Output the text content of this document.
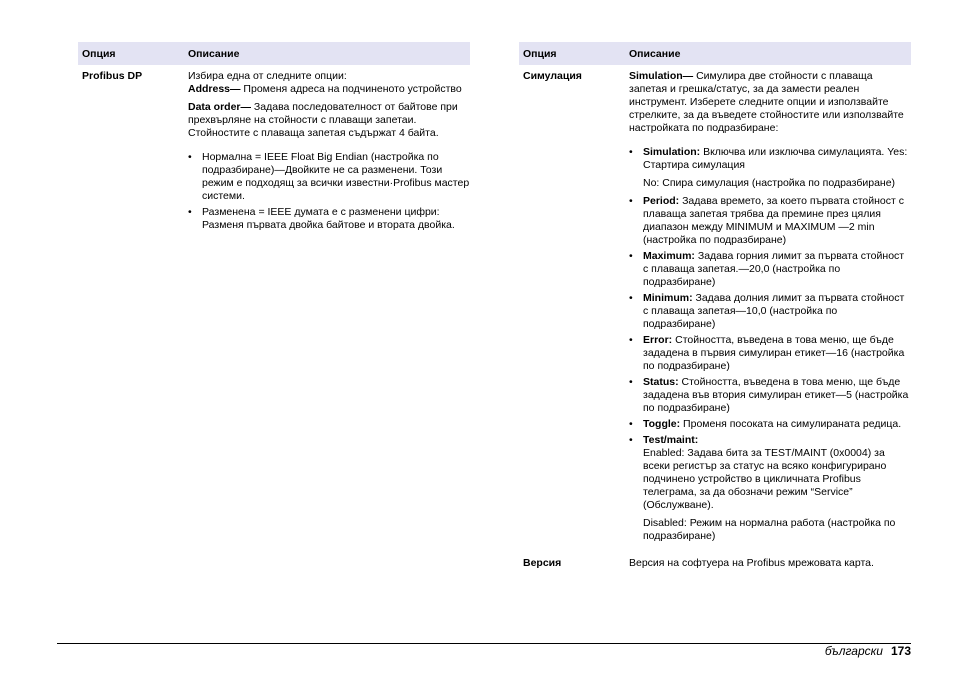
Опция	Описание
Profibus DP	Избира една от следните опции:
Address— Променя адреса на подчиненото устройство

Data order— Задава последователност от байтове при прехвърляне на стойности с плаващи запетаи. Стойностите с плаваща запетая съдържат 4 байта.

• Нормална = IEEE Float Big Endian (настройка по подразбиране)—Двойките не са разменени. Този режим е подходящ за всички известни·Profibus мастер системи.
• Разменена = IEEE думата е с разменени цифри: Разменя първата двойка байтове и втората двойка.
Опция	Описание
Симулация	Simulation— Симулира две стойности с плаваща запетая и грешка/статус, за да замести реален инструмент. Изберете следните опции и използвайте стрелките, за да въведете стойностите или използвайте настройката по подразбиране:

• Simulation: Включва или изключва симулацията. Yes: Стартира симулация

No: Спира симулация (настройка по подразбиране)

• Period: Задава времето, за което първата стойност с плаваща запетая трябва да премине през цялия диапазон между MINIMUM и MAXIMUM —2 min (настройка по подразбиране)
• Maximum: Задава горния лимит за първата стойност с плаваща запетая.—20,0 (настройка по подразбиране)
• Minimum: Задава долния лимит за първата стойност с плаваща запетая—10,0 (настройка по подразбиране)
• Error: Стойността, въведена в това меню, ще бъде зададена в първия симулиран етикет—16 (настройка по подразбиране)
• Status: Стойността, въведена в това меню, ще бъде зададена във втория симулиран етикет—5 (настройка по подразбиране)
• Toggle: Променя посоката на симулираната редица.

• Test/maint:
Enabled: Задава бита за TEST/MAINT (0x0004) за всеки регистър за статус на всяко конфигурирано подчинено устройство в цикличната Profibus телеграма, за да обозначи режим “Service” (Обслужване).

Disabled: Режим на нормална работа (настройка по подразбиране)

Версия	Версия на софтуера на Profibus мрежовата карта.
български 173
